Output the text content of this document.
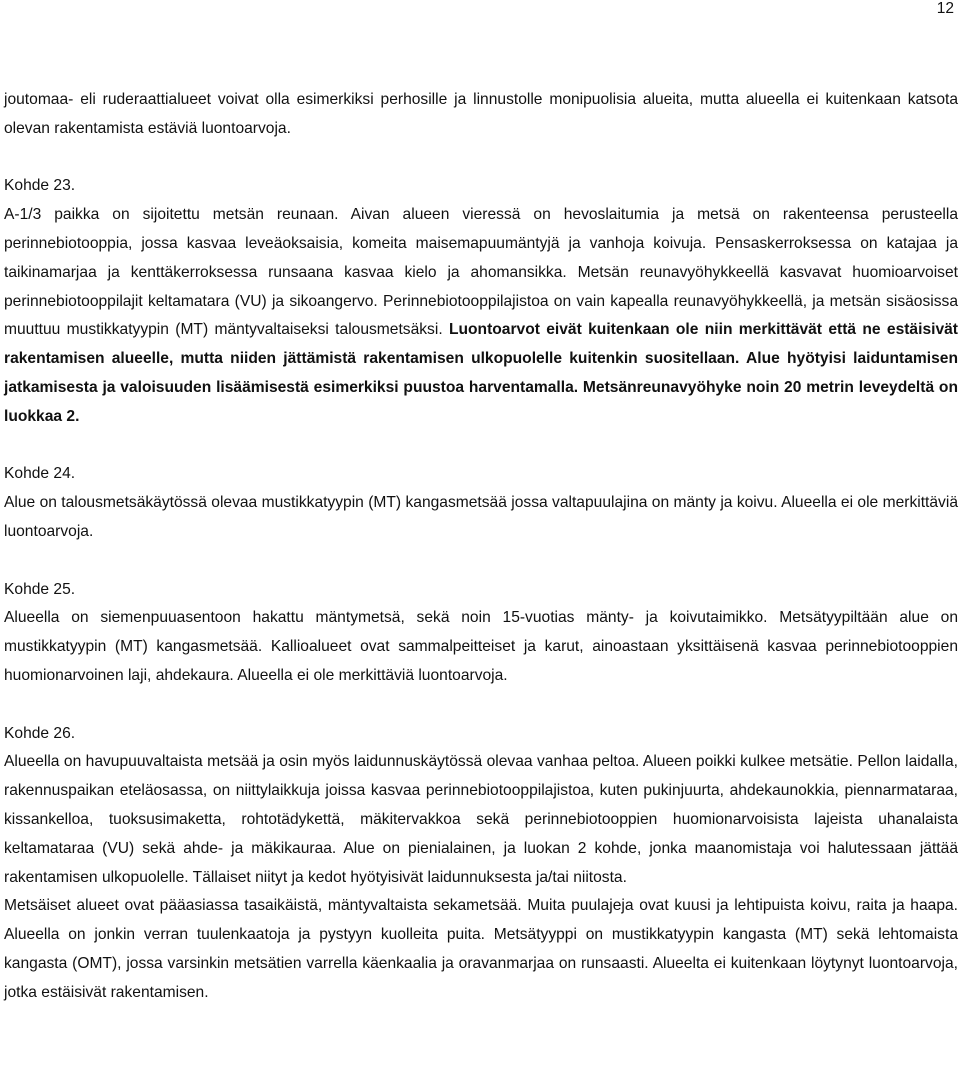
12

joutomaa- eli ruderaattialueet voivat olla esimerkiksi perhosille ja linnustolle monipuolisia alueita, mutta alueella ei kuitenkaan katsota olevan rakentamista estäviä luontoarvoja.

Kohde 23.

A-1/3 paikka on sijoitettu metsän reunaan. Aivan alueen vieressä on hevoslaitumia ja metsä on rakenteensa perusteella perinnebiotooppia, jossa kasvaa leveäoksaisia, komeita maisemapuumäntyjä ja vanhoja koivuja. Pensaskerroksessa on katajaa ja taikinamarjaa ja kenttäkerroksessa runsaana kasvaa kielo ja ahomansikka. Metsän reunavyöhykkeellä kasvavat huomioarvoiset perinnebiotooppilajit keltamatara (VU) ja sikoangervo. Perinnebiotooppilajistoa on vain kapealla reunavyöhykkeellä, ja metsän sisäosissa muuttuu mustikkatyypin (MT) mäntyvaltaiseksi talousmetsäksi. Luontoarvot eivät kuitenkaan ole niin merkittävät että ne estäisivät rakentamisen alueelle, mutta niiden jättämistä rakentamisen ulkopuolelle kuitenkin suositellaan. Alue hyötyisi laiduntamisen jatkamisesta ja valoisuuden lisäämisestä esimerkiksi puustoa harventamalla. Metsänreunavyöhyke noin 20 metrin leveydeltä on luokkaa 2.

Kohde 24.

Alue on talousmetsäkäytössä olevaa mustikkatyypin (MT) kangasmetsää jossa valtapuulajina on mänty ja koivu. Alueella ei ole merkittäviä luontoarvoja.

Kohde 25.

Alueella on siemenpuuasentoon hakattu mäntymetsä, sekä noin 15-vuotias mänty- ja koivutaimikko. Metsätyypiltään alue on mustikkatyypin (MT) kangasmetsää. Kallioalueet ovat sammalpeitteiset ja karut, ainoastaan yksittäisenä kasvaa perinnebiotooppien huomionarvoinen laji, ahdekaura. Alueella ei ole merkittäviä luontoarvoja.

Kohde 26.

Alueella on havupuuvaltaista metsää ja osin myös laidunnuskäytössä olevaa vanhaa peltoa. Alueen poikki kulkee metsätie. Pellon laidalla, rakennuspaikan eteläosassa, on niittylaikkuja joissa kasvaa perinnebiotooppilajistoa, kuten pukinjuurta, ahdekaunokkia, piennarmataraa, kissankelloa, tuoksusimaketta, rohtotädykettä, mäkitervakkoa sekä perinnebiotooppien huomionarvoisista lajeista uhanalaista keltamataraa (VU) sekä ahde- ja mäkikauraa. Alue on pienialainen, ja luokan 2 kohde, jonka maanomistaja voi halutessaan jättää rakentamisen ulkopuolelle. Tällaiset niityt ja kedot hyötyisivät laidunnuksesta ja/tai niitosta.

Metsäiset alueet ovat pääasiassa tasaikäistä, mäntyvaltaista sekametsää. Muita puulajeja ovat kuusi ja lehtipuista koivu, raita ja haapa. Alueella on jonkin verran tuulenkaatoja ja pystyyn kuolleita puita. Metsätyyppi on mustikkatyypin kangasta (MT) sekä lehtomaista kangasta (OMT), jossa varsinkin metsätien varrella käenkaalia ja oravanmarjaa on runsaasti. Alueelta ei kuitenkaan löytynyt luontoarvoja, jotka estäisivät rakentamisen.
